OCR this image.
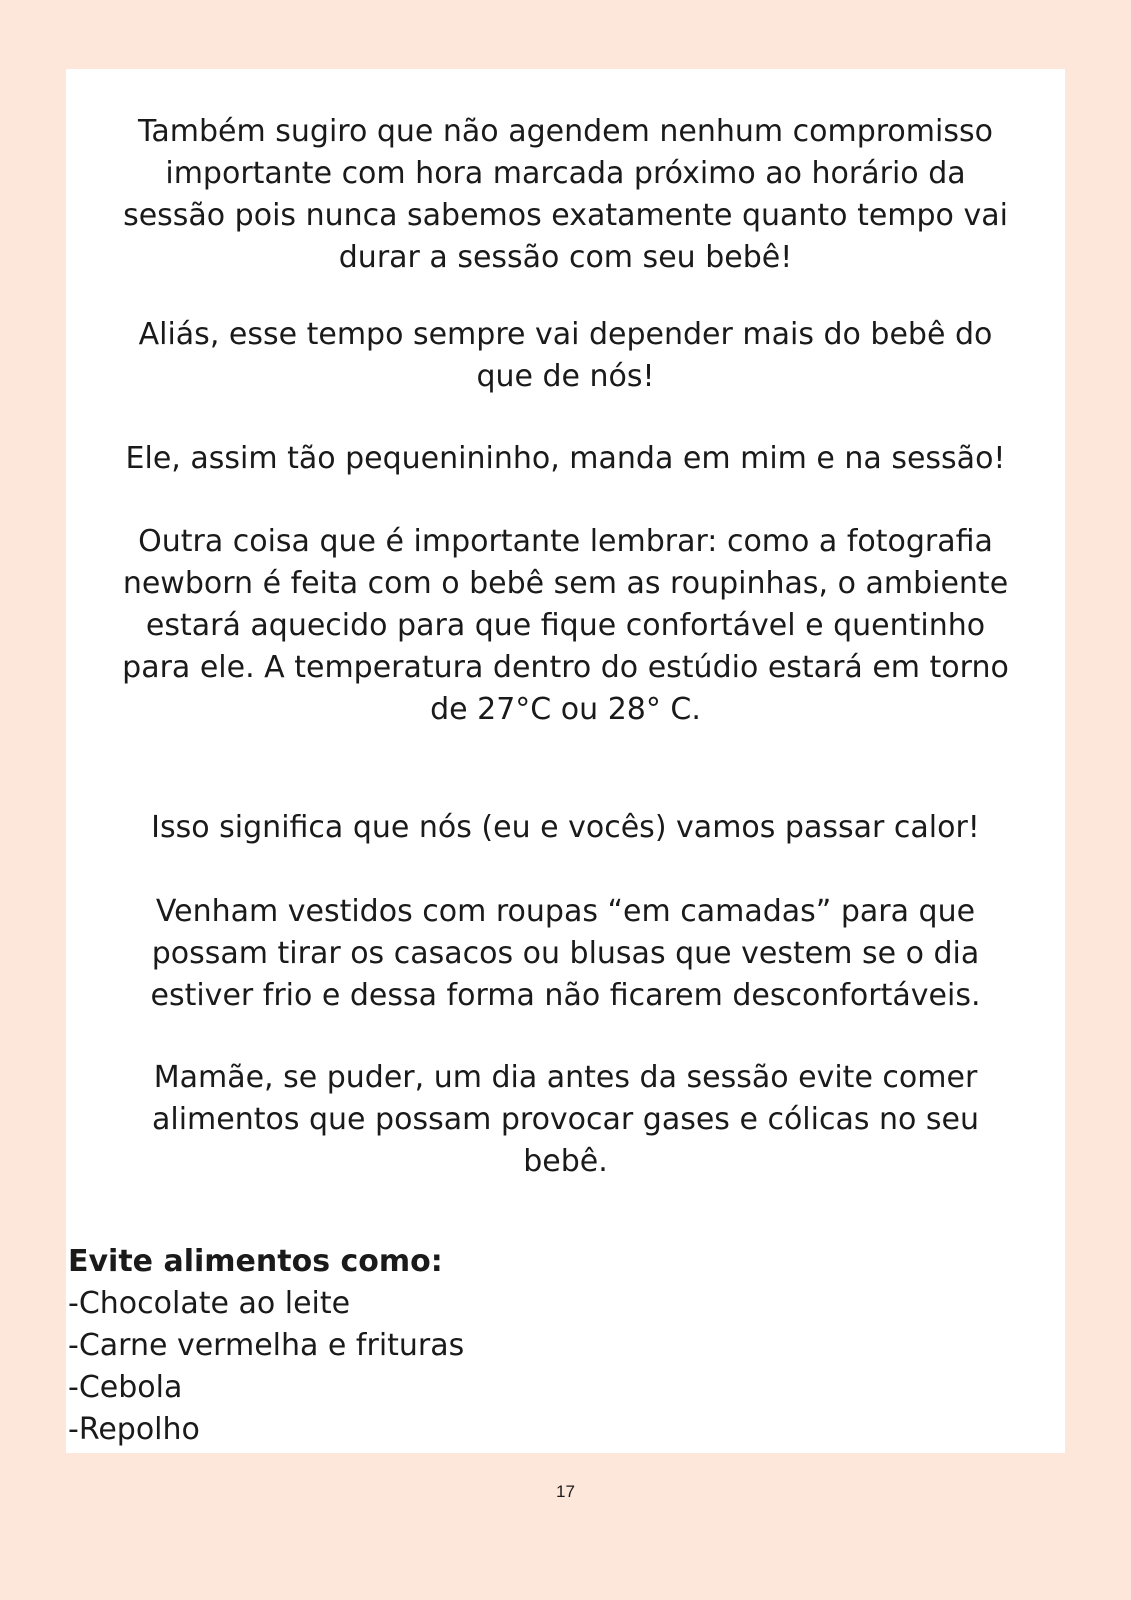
Também sugiro que não agendem nenhum compromisso
importante com hora marcada próximo ao horário da
sessão pois nunca sabemos exatamente quanto tempo vai
durar a sessão com seu bebê!
Aliás, esse tempo sempre vai depender mais do bebê do
que de nós!
Ele, assim tão pequenininho, manda em mim e na sessão!
Outra coisa que é importante lembrar: como a fotografia
newborn é feita com o bebê sem as roupinhas, o ambiente
estará aquecido para que fique confortável e quentinho
para ele. A temperatura dentro do estúdio estará em torno
de 27°C ou 28° C.
Isso significa que nós (eu e vocês) vamos passar calor!
Venham vestidos com roupas “em camadas” para que
possam tirar os casacos ou blusas que vestem se o dia
estiver frio e dessa forma não ficarem desconfortáveis.
Mamãe, se puder, um dia antes da sessão evite comer
alimentos que possam provocar gases e cólicas no seu
bebê.
Evite alimentos como:
-Chocolate ao leite
-Carne vermelha e frituras
-Cebola
-Repolho
17
